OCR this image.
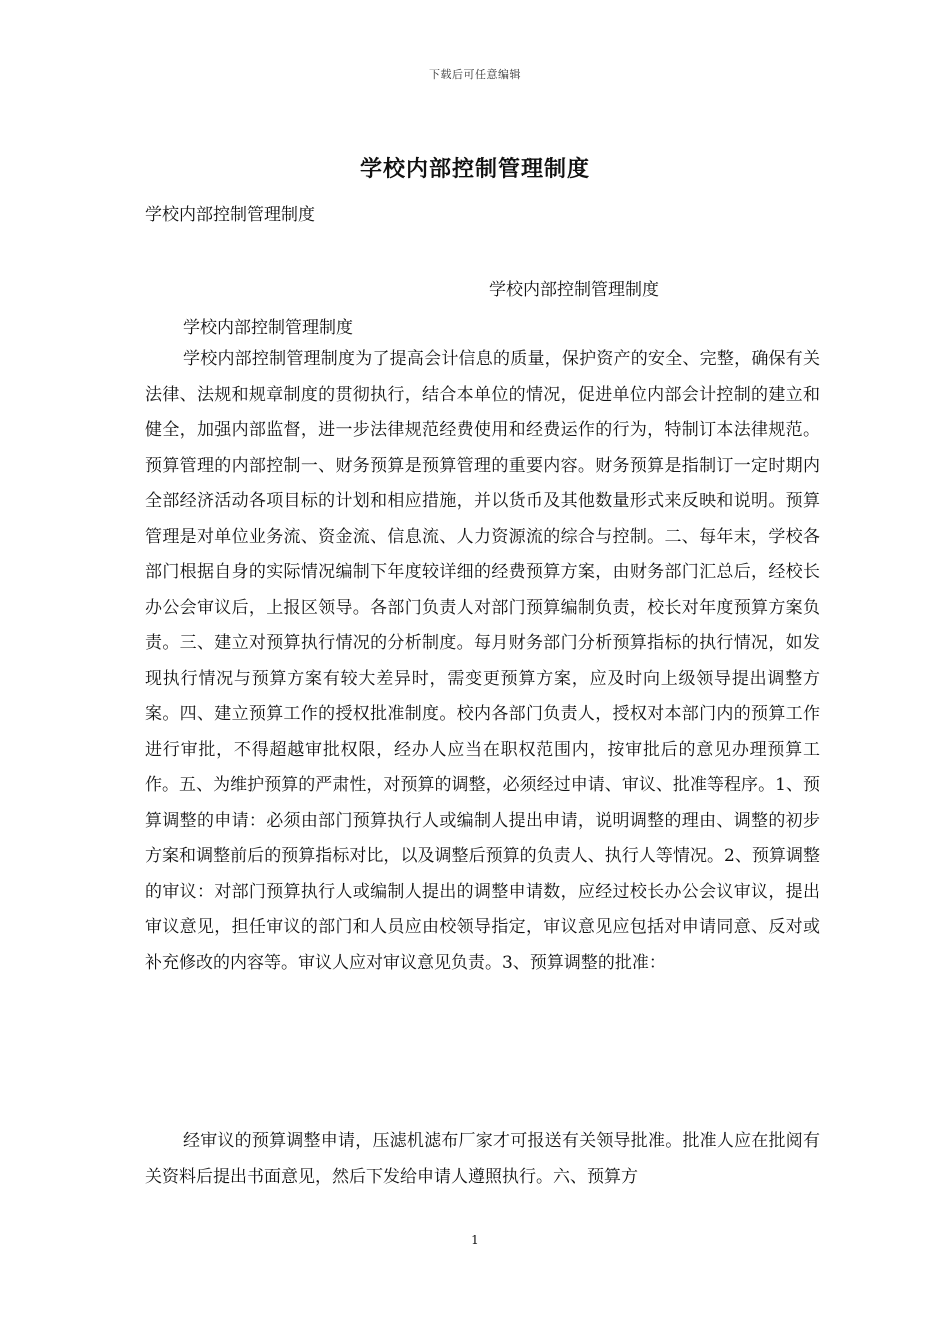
下载后可任意编辑
学校内部控制管理制度
学校内部控制管理制度
学校内部控制管理制度
学校内部控制管理制度

学校内部控制管理制度为了提高会计信息的质量，保护资产的安全、完整，确保有关法律、法规和规章制度的贯彻执行，结合本单位的情况，促进单位内部会计控制的建立和健全，加强内部监督，进一步法律规范经费使用和经费运作的行为，特制订本法律规范。预算管理的内部控制一、财务预算是预算管理的重要内容。财务预算是指制订一定时期内全部经济活动各项目标的计划和相应措施，并以货币及其他数量形式来反映和说明。预算管理是对单位业务流、资金流、信息流、人力资源流的综合与控制。二、每年末，学校各部门根据自身的实际情况编制下年度较详细的经费预算方案，由财务部门汇总后，经校长办公会审议后，上报区领导。各部门负责人对部门预算编制负责，校长对年度预算方案负责。三、建立对预算执行情况的分析制度。每月财务部门分析预算指标的执行情况，如发现执行情况与预算方案有较大差异时，需变更预算方案，应及时向上级领导提出调整方案。四、建立预算工作的授权批准制度。校内各部门负责人，授权对本部门内的预算工作进行审批，不得超越审批权限，经办人应当在职权范围内，按审批后的意见办理预算工作。五、为维护预算的严肃性，对预算的调整，必须经过申请、审议、批准等程序。1、预算调整的申请：必须由部门预算执行人或编制人提出申请，说明调整的理由、调整的初步方案和调整前后的预算指标对比，以及调整后预算的负责人、执行人等情况。2、预算调整的审议：对部门预算执行人或编制人提出的调整申请数，应经过校长办公会议审议，提出审议意见，担任审议的部门和人员应由校领导指定，审议意见应包括对申请同意、反对或补充修改的内容等。审议人应对审议意见负责。3、预算调整的批准：

经审议的预算调整申请，压滤机滤布厂家才可报送有关领导批准。批准人应在批阅有关资料后提出书面意见，然后下发给申请人遵照执行。六、预算方

1
